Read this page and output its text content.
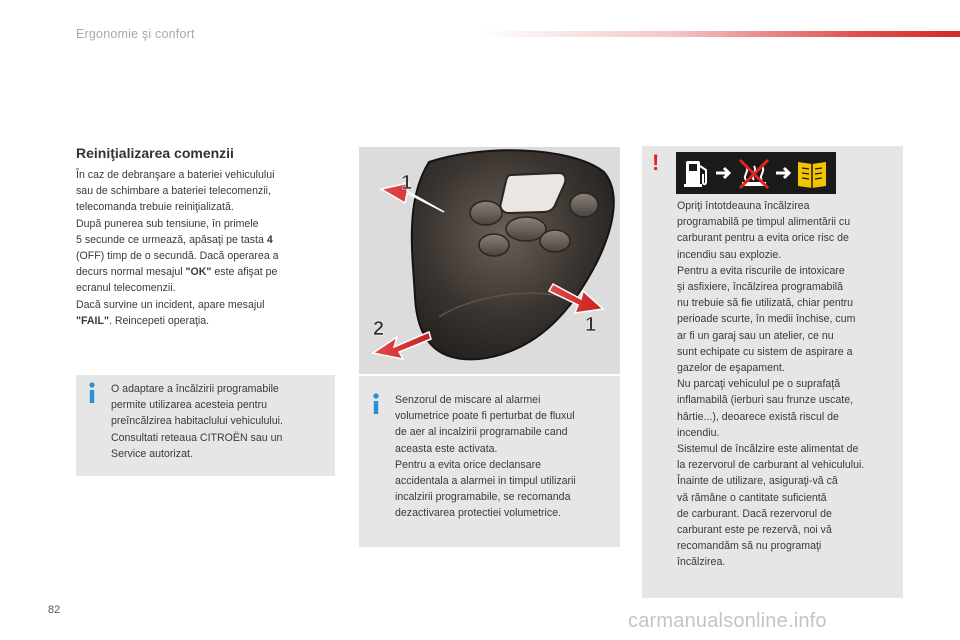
Ergonomie şi confort
Reiniţializarea comenzii
În caz de debranşare a bateriei vehiculului
sau de schimbare a bateriei telecomenzii,
telecomanda trebuie reiniţializată.
După punerea sub tensiune, în primele
5 secunde ce urmează, apăsaţi pe tasta 4
(OFF) timp de o secundă. Dacă operarea a
decurs normal mesajul "OK" este afişat pe
ecranul telecomenzii.
Dacă survine un incident, apare mesajul
"FAIL". Reincepeti operaţia.
O adaptare a încălzirii programabile
permite utilizarea acesteia pentru
preîncălzirea habitaclului vehiculului.
Consultati reteaua CITROËN sau un
Service autorizat.
1
1
2
Senzorul de miscare al alarmei
volumetrice poate fi perturbat de fluxul
de aer al incalzirii programabile cand
aceasta este activata.
Pentru a evita orice declansare
accidentala a alarmei in timpul utilizarii
incalzirii programabile, se recomanda
dezactivarea protectiei volumetrice.
!
Opriţi întotdeauna încălzirea
programabilă pe timpul alimentării cu
carburant pentru a evita orice risc de
incendiu sau explozie.
Pentru a evita riscurile de intoxicare
şi asfixiere, încălzirea programabilă
nu trebuie să fie utilizată, chiar pentru
perioade scurte, în medii închise, cum
ar fi un garaj sau un atelier, ce nu
sunt echipate cu sistem de aspirare a
gazelor de eşapament.
Nu parcaţi vehiculul pe o suprafaţă
inflamabilă (ierburi sau frunze uscate,
hârtie...), deoarece există riscul de
incendiu.
Sistemul de încălzire este alimentat de
la rezervorul de carburant al vehiculului.
Înainte de utilizare, asiguraţi-vă că
vă rămâne o cantitate suficientă
de carburant. Dacă rezervorul de
carburant este pe rezervă, noi vă
recomandăm să nu programaţi
încălzirea.
82	carmanualsonline.info
